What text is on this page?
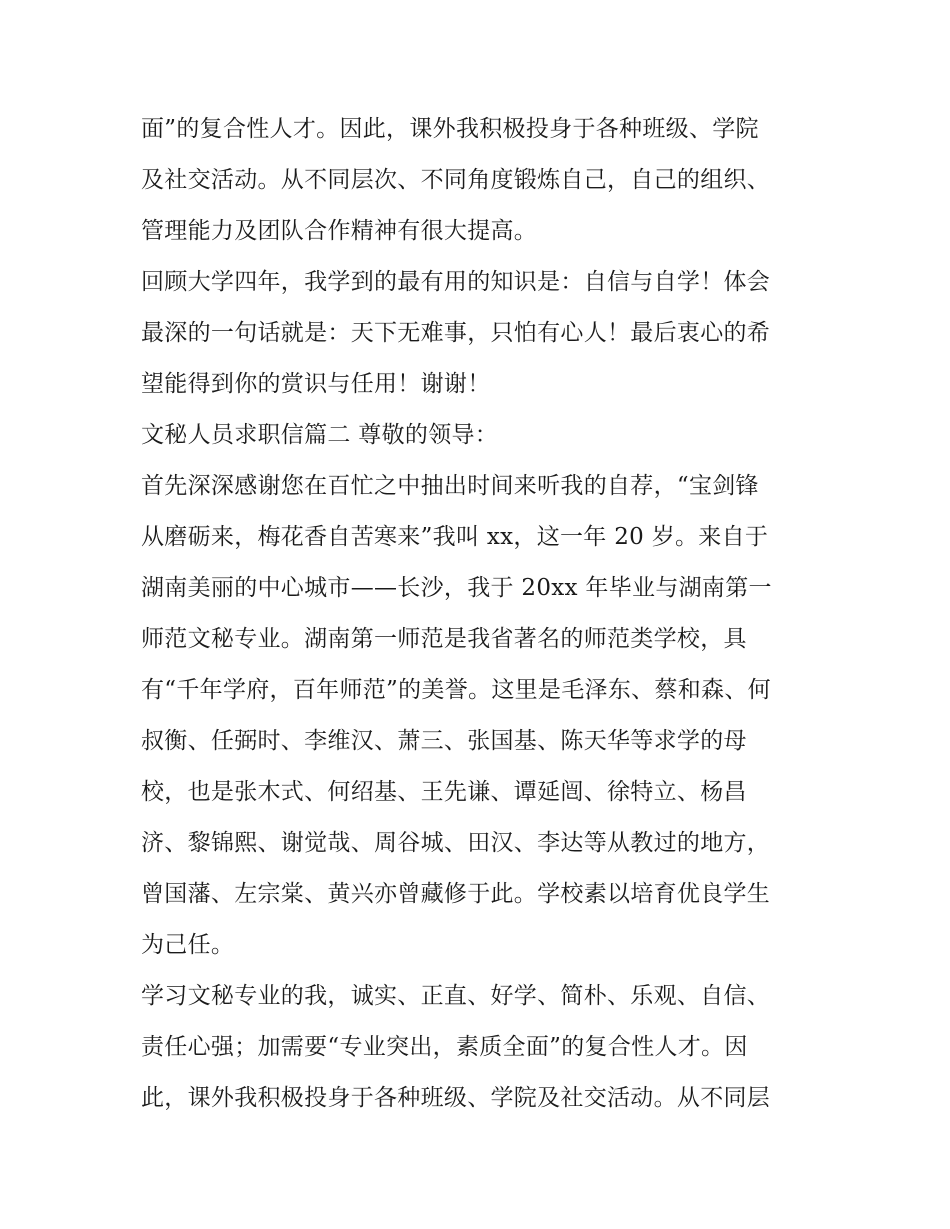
面”的复合性人才。因此，课外我积极投身于各种班级、学院
及社交活动。从不同层次、不同角度锻炼自己，自己的组织、
管理能力及团队合作精神有很大提高。
回顾大学四年，我学到的最有用的知识是：自信与自学！体会
最深的一句话就是：天下无难事，只怕有心人！最后衷心的希
望能得到你的赏识与任用！谢谢！
文秘人员求职信篇二 尊敬的领导：
首先深深感谢您在百忙之中抽出时间来听我的自荐，“宝剑锋
从磨砺来，梅花香自苦寒来”我叫 xx，这一年 20 岁。来自于
湖南美丽的中心城市——长沙，我于 20xx 年毕业与湖南第一
师范文秘专业。湖南第一师范是我省著名的师范类学校，具
有“千年学府，百年师范”的美誉。这里是毛泽东、蔡和森、何
叔衡、任弼时、李维汉、萧三、张国基、陈天华等求学的母
校，也是张木式、何绍基、王先谦、谭延闿、徐特立、杨昌
济、黎锦熙、谢觉哉、周谷城、田汉、李达等从教过的地方，
曾国藩、左宗棠、黄兴亦曾藏修于此。学校素以培育优良学生
为己任。
学习文秘专业的我，诚实、正直、好学、简朴、乐观、自信、
责任心强；加需要“专业突出，素质全面”的复合性人才。因
此，课外我积极投身于各种班级、学院及社交活动。从不同层
